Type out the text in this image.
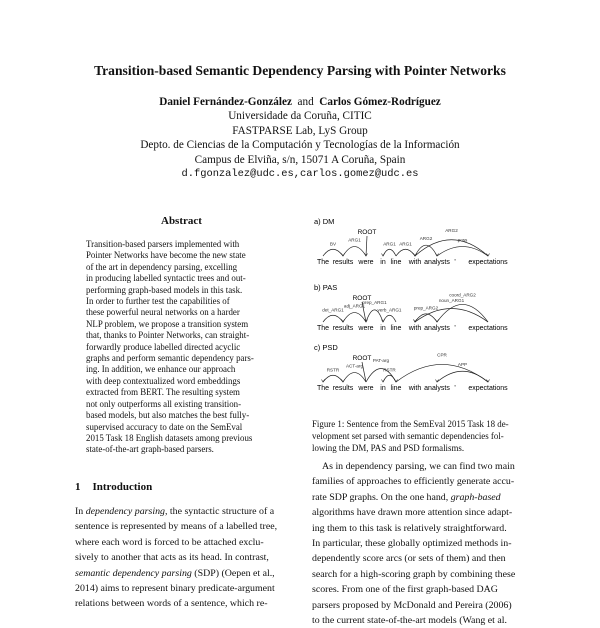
Transition-based Semantic Dependency Parsing with Pointer Networks
Daniel Fernández-González and Carlos Gómez-Rodríguez
Universidade da Coruña, CITIC
FASTPARSE Lab, LyS Group
Depto. de Ciencias de la Computación y Tecnologías de la Información
Campus de Elviña, s/n, 15071 A Coruña, Spain
d.fgonzalez@udc.es,carlos.gomez@udc.es
Abstract
Transition-based parsers implemented with
Pointer Networks have become the new state
of the art in dependency parsing, excelling
in producing labelled syntactic trees and out-
performing graph-based models in this task.
In order to further test the capabilities of
these powerful neural networks on a harder
NLP problem, we propose a transition system
that, thanks to Pointer Networks, can straight-
forwardly produce labelled directed acyclic
graphs and perform semantic dependency pars-
ing. In addition, we enhance our approach
with deep contextualized word embeddings
extracted from BERT. The resulting system
not only outperforms all existing transition-
based models, but also matches the best fully-
supervised accuracy to date on the SemEval
2015 Task 18 English datasets among previous
state-of-the-art graph-based parsers.
1 Introduction
In dependency parsing, the syntactic structure of a
sentence is represented by means of a labelled tree,
where each word is forced to be attached exclu-
sively to another that acts as its head. In contrast,
semantic dependency parsing (SDP) (Oepen et al.,
2014) aims to represent binary predicate-argument
relations between words of a sentence, which re-
a) DM
The results were in line with analysts ' expectations
ROOT
BV
ARG1
ARG1 ARG1
ARG2	poss
ARG2
b) PAS
The results were in line with analysts ' expectations
ROOT
det_ARG1
adj_ARG1
verb_ARG1
prep_ARG1
prep_ARG2
noun_ARG1
coord_ARG2
c) PSD
The results were in line with analysts ' expectations
ROOT
RSTR
ACT-arg
PAT-arg
RSTR
APP
CPR
Figure 1: Sentence from the SemEval 2015 Task 18 de-
velopment set parsed with semantic dependencies fol-
lowing the DM, PAS and PSD formalisms.
As in dependency parsing, we can find two main
families of approaches to efficiently generate accu-
rate SDP graphs. On the one hand, graph-based
algorithms have drawn more attention since adapt-
ing them to this task is relatively straightforward.
In particular, these globally optimized methods in-
dependently score arcs (or sets of them) and then
search for a high-scoring graph by combining these
scores. From one of the first graph-based DAG
parsers proposed by McDonald and Pereira (2006)
to the current state-of-the-art models (Wang et al.
